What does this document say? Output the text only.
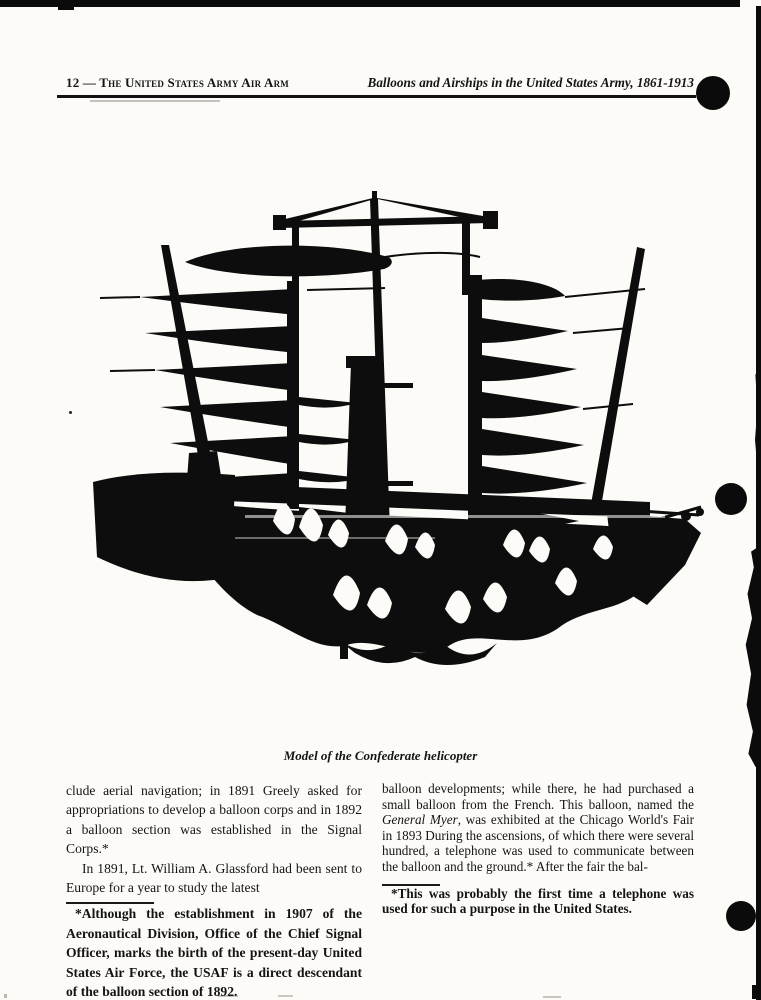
12 — The United States Army Air Arm	Balloons and Airships in the United States Army, 1861-1913
Model of the Confederate helicopter

clude aerial navigation; in 1891 Greely asked for appropriations to develop a balloon corps and in 1892 a balloon section was established in the Signal Corps.*

In 1891, Lt. William A. Glassford had been sent to Europe for a year to study the latest

*Although the establishment in 1907 of the Aeronautical Division, Office of the Chief Signal Officer, marks the birth of the present-day United States Air Force, the USAF is a direct descendant of the balloon section of 1892.

balloon developments; while there, he had purchased a small balloon from the French. This balloon, named the General Myer, was exhibited at the Chicago World's Fair in 1893 During the ascensions, of which there were several hundred, a telephone was used to communicate between the balloon and the ground.* After the fair the bal-

*This was probably the first time a telephone was used for such a purpose in the United States.
